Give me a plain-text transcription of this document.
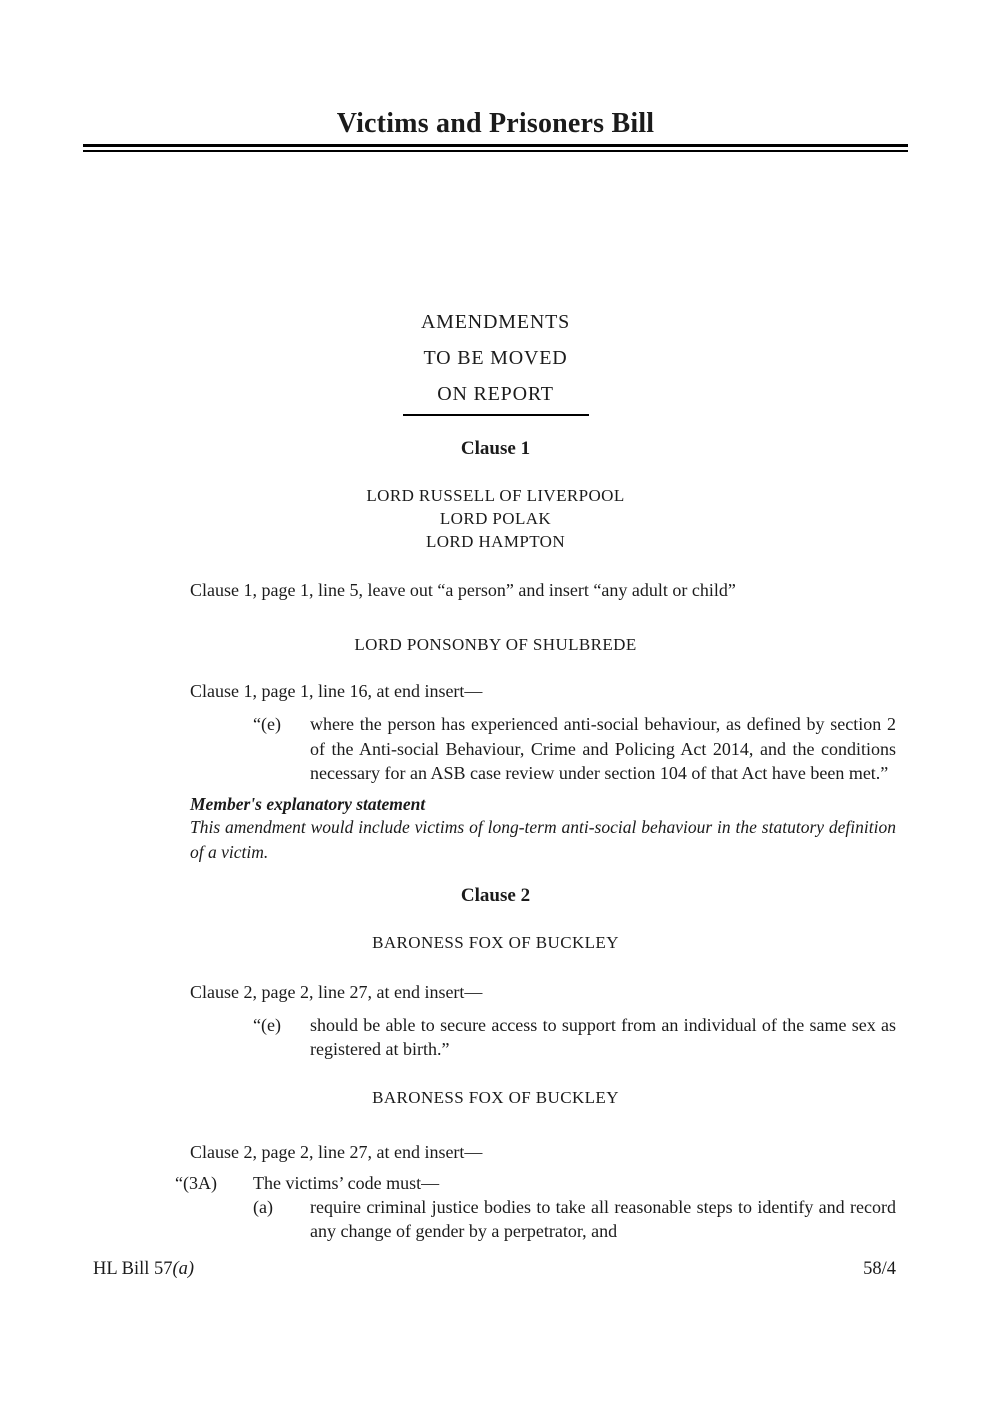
Victims and Prisoners Bill
AMENDMENTS
TO BE MOVED
ON REPORT
Clause 1
LORD RUSSELL OF LIVERPOOL
LORD POLAK
LORD HAMPTON
Clause 1, page 1, line 5, leave out “a person” and insert “any adult or child”
LORD PONSONBY OF SHULBREDE
Clause 1, page 1, line 16, at end insert—
“(e) where the person has experienced anti-social behaviour, as defined by section 2 of the Anti-social Behaviour, Crime and Policing Act 2014, and the conditions necessary for an ASB case review under section 104 of that Act have been met.”
Member's explanatory statement
This amendment would include victims of long-term anti-social behaviour in the statutory definition of a victim.
Clause 2
BARONESS FOX OF BUCKLEY
Clause 2, page 2, line 27, at end insert—
“(e) should be able to secure access to support from an individual of the same sex as registered at birth.”
BARONESS FOX OF BUCKLEY
Clause 2, page 2, line 27, at end insert—
“(3A) The victims’ code must—
(a) require criminal justice bodies to take all reasonable steps to identify and record any change of gender by a perpetrator, and
HL Bill 57(a)	58/4
